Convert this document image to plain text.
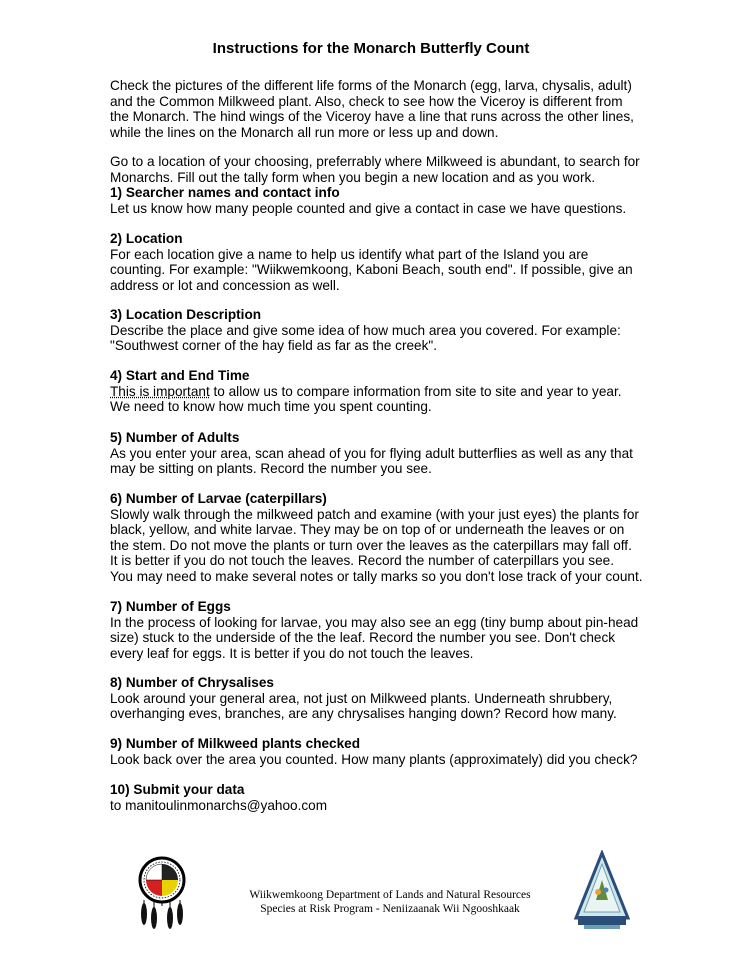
Instructions for the Monarch Butterfly Count
Check the pictures of the different life forms of the Monarch (egg, larva, chysalis, adult)
and the Common Milkweed plant. Also, check to see how the Viceroy is different from
the Monarch. The hind wings of the Viceroy have a line that runs across the other lines,
while the lines on the Monarch all run more or less up and down.
Go to a location of your choosing, preferrably where Milkweed is abundant, to search for
Monarchs. Fill out the tally form when you begin a new location and as you work.
1) Searcher names and contact info
Let us know how many people counted and give a contact in case we have questions.
2) Location
For each location give a name to help us identify what part of the Island you are
counting. For example: "Wiikwemkoong, Kaboni Beach, south end". If possible, give an
address or lot and concession as well.
3) Location Description
Describe the place and give some idea of how much area you covered. For example:
"Southwest corner of the hay field as far as the creek".
4) Start and End Time
This is important to allow us to compare information from site to site and year to year.
We need to know how much time you spent counting.
5) Number of Adults
As you enter your area, scan ahead of you for flying adult butterflies as well as any that
may be sitting on plants. Record the number you see.
6) Number of Larvae (caterpillars)
Slowly walk through the milkweed patch and examine (with your just eyes) the plants for
black, yellow, and white larvae. They may be on top of or underneath the leaves or on
the stem. Do not move the plants or turn over the leaves as the caterpillars may fall off.
It is better if you do not touch the leaves. Record the number of caterpillars you see.
You may need to make several notes or tally marks so you don't lose track of your count.
7) Number of Eggs
In the process of looking for larvae, you may also see an egg (tiny bump about pin-head
size) stuck to the underside of the the leaf. Record the number you see. Don't check
every leaf for eggs. It is better if you do not touch the leaves.
8) Number of Chrysalises
Look around your general area, not just on Milkweed plants. Underneath shrubbery,
overhanging eves, branches, are any chrysalises hanging down? Record how many.
9) Number of Milkweed plants checked
Look back over the area you counted. How many plants (approximately) did you check?
10) Submit your data
to manitoulinmonarchs@yahoo.com
Wiikwemkoong Department of Lands and Natural Resources
Species at Risk Program - Neniizaanak Wii Ngooshkaak
